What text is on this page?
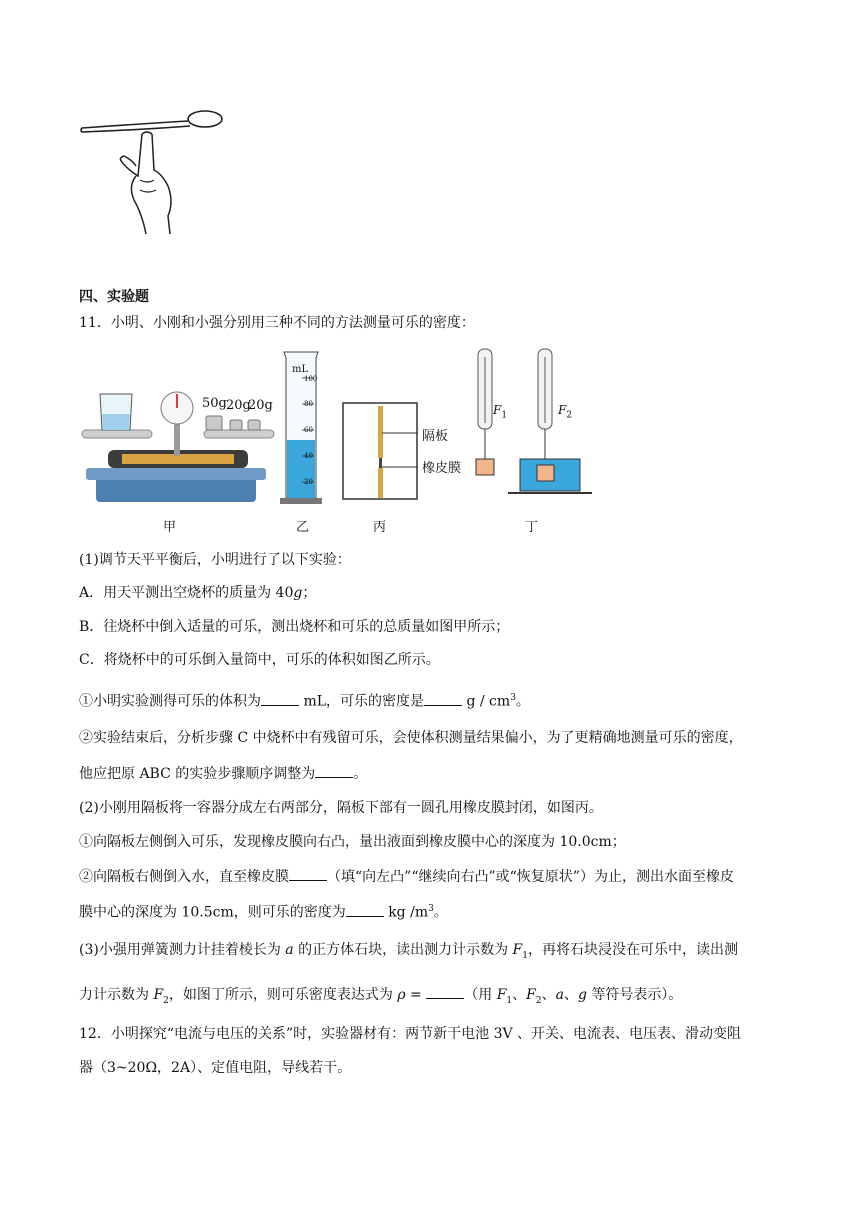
四、实验题
11．小明、小刚和小强分别用三种不同的方法测量可乐的密度：
50g 20g
20g
mL
100
80
60
40
20
隔板
橡皮膜
$F_1$	$F_2$
甲	乙	丙	丁
(1)调节天平平衡后，小明进行了以下实验：
A．用天平测出空烧杯的质量为 40g；
B．往烧杯中倒入适量的可乐，测出烧杯和可乐的总质量如图甲所示；
C．将烧杯中的可乐倒入量筒中，可乐的体积如图乙所示。
①小明实验测得可乐的体积为	mL，可乐的密度是	g / $cm^3$。
②实验结束后，分析步骤 C 中烧杯中有残留可乐，会使体积测量结果偏小，为了更精确地测量可乐的密度，
他应把原 ABC 的实验步骤顺序调整为	。
(2)小刚用隔板将一容器分成左右两部分，隔板下部有一圆孔用橡皮膜封闭，如图丙。
①向隔板左侧倒入可乐，发现橡皮膜向右凸，量出液面到橡皮膜中心的深度为 10.0cm；
②向隔板右侧倒入水，直至橡皮膜	（填“向左凸”“继续向右凸”或“恢复原状”）为止，测出水面至橡皮
膜中心的深度为 10.5cm，则可乐的密度为	kg $/m^3$。
(3)小强用弹簧测力计挂着棱长为 a 的正方体石块，读出测力计示数为 $F_1$，再将石块浸没在可乐中，读出测
力计示数为 $F_2$，如图丁所示，则可乐密度表达式为 ρ =	（用 $F_1$、$F_2$、a、g 等符号表示）。
12．小明探究“电流与电压的关系”时，实验器材有：两节新干电池 3V 、开关、电流表、电压表、滑动变阻
器（3~20Ω，2A）、定值电阻，导线若干。
